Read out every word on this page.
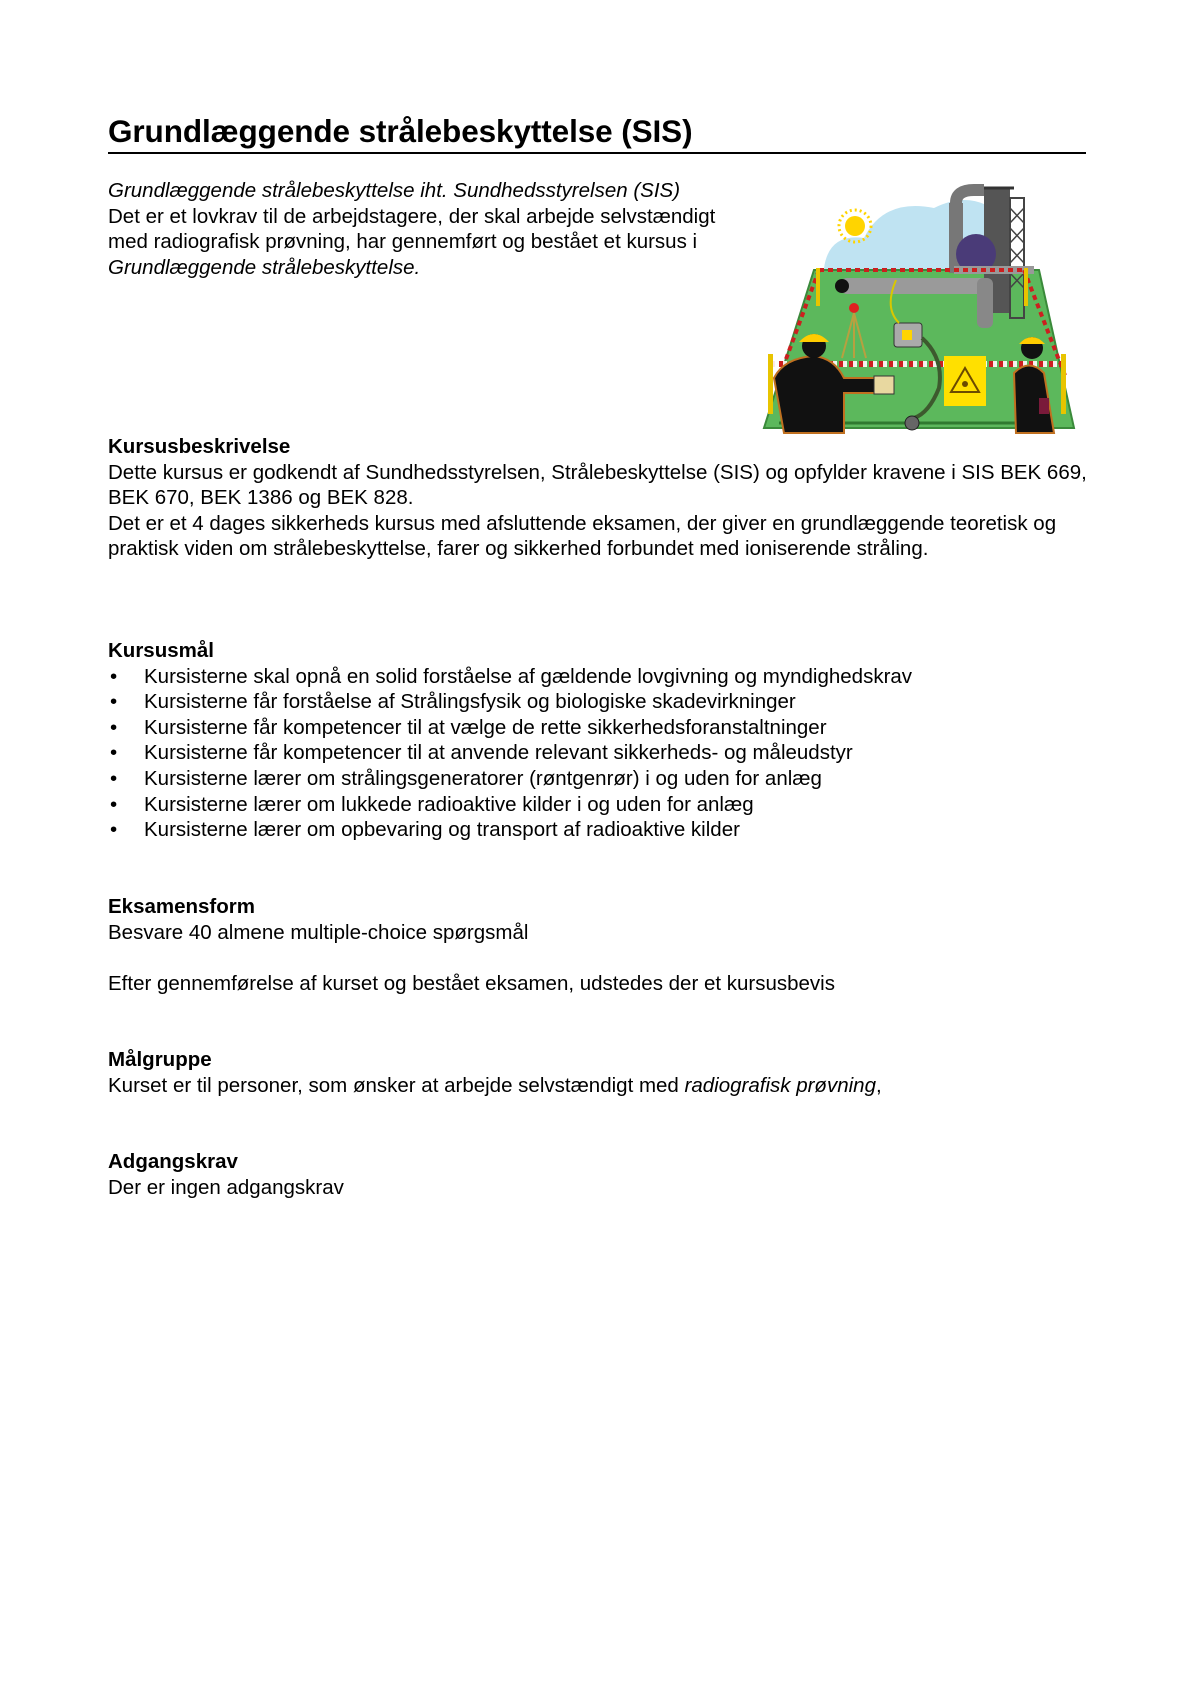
Grundlæggende strålebeskyttelse (SIS)

Grundlæggende strålebeskyttelse iht. Sundhedsstyrelsen (SIS)

Det er et lovkrav til de arbejdstagere, der skal arbejde selvstændigt med radiografisk prøvning, har gennemført og bestået et kursus i Grundlæggende strålebeskyttelse.

Kursusbeskrivelse

Dette kursus er godkendt af Sundhedsstyrelsen, Strålebeskyttelse (SIS) og opfylder kravene i SIS BEK 669, BEK 670, BEK 1386 og BEK 828.

Det er et 4 dages sikkerheds kursus med afsluttende eksamen, der giver en grundlæggende teoretisk og praktisk viden om strålebeskyttelse, farer og sikkerhed forbundet med ioniserende stråling.

Kursusmål
• Kursisterne skal opnå en solid forståelse af gældende lovgivning og myndighedskrav
• Kursisterne får forståelse af Strålingsfysik og biologiske skadevirkninger
• Kursisterne får kompetencer til at vælge de rette sikkerhedsforanstaltninger
• Kursisterne får kompetencer til at anvende relevant sikkerheds- og måleudstyr
• Kursisterne lærer om strålingsgeneratorer (røntgenrør) i og uden for anlæg
• Kursisterne lærer om lukkede radioaktive kilder i og uden for anlæg
• Kursisterne lærer om opbevaring og transport af radioaktive kilder
Eksamensform

Besvare 40 almene multiple-choice spørgsmål

Efter gennemførelse af kurset og bestået eksamen, udstedes der et kursusbevis

Målgruppe

Kurset er til personer, som ønsker at arbejde selvstændigt med radiografisk prøvning,

Adgangskrav

Der er ingen adgangskrav
